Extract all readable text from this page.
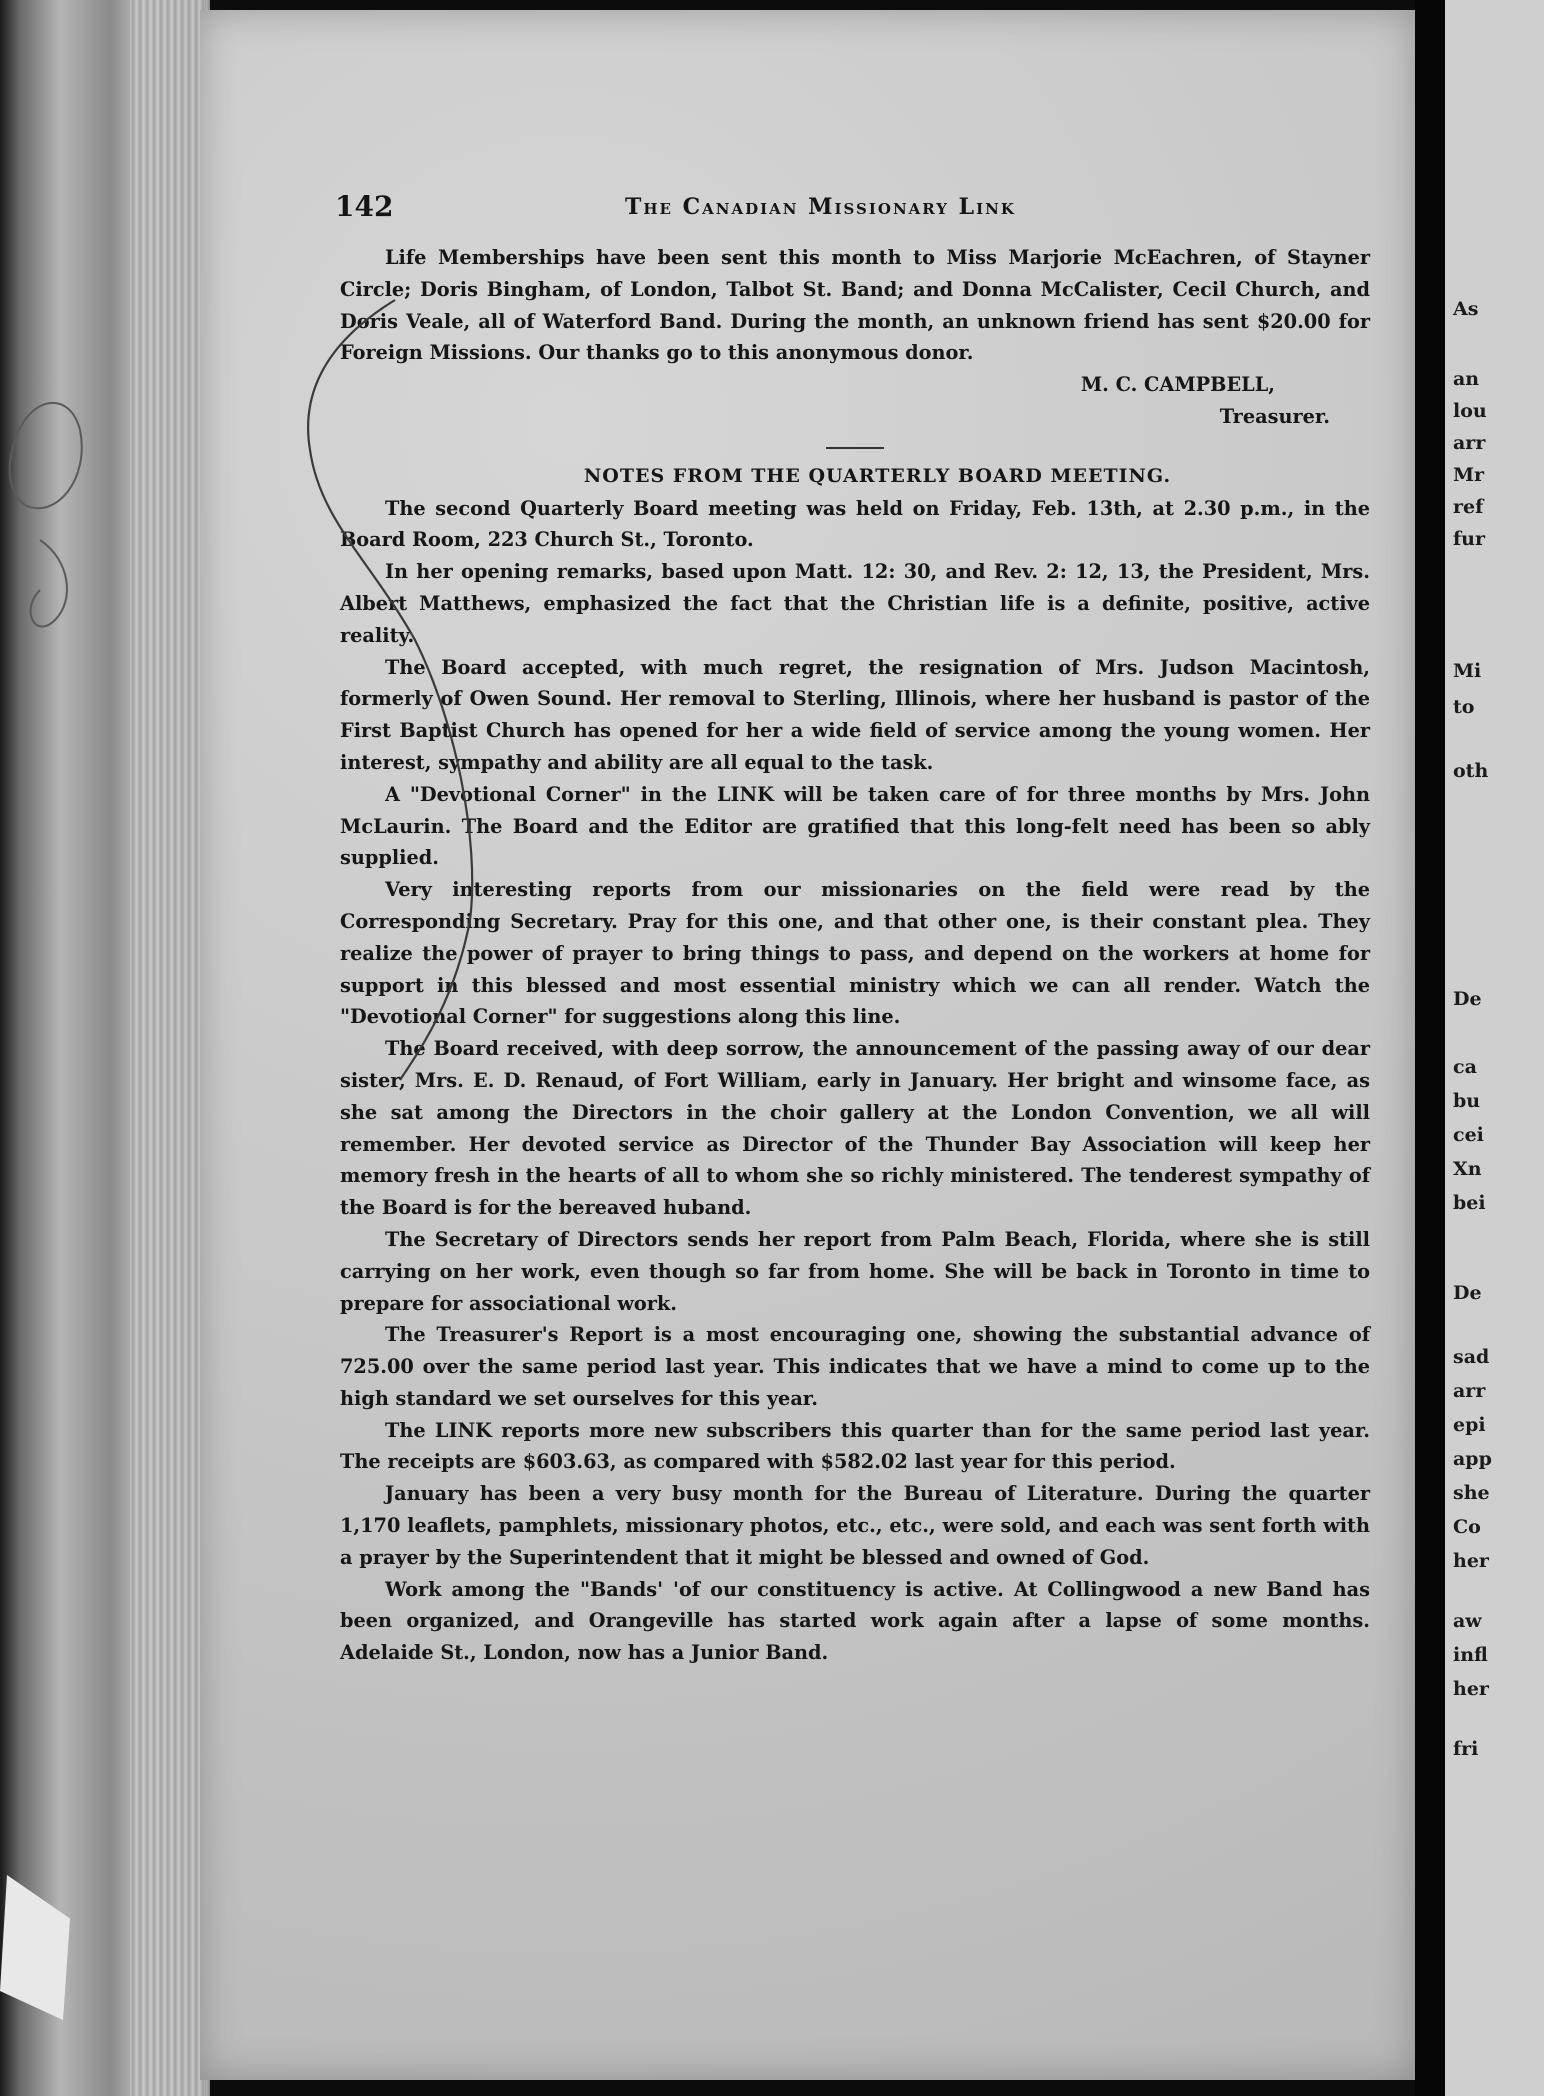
142	The Canadian Missionary Link

Life Memberships have been sent this month to Miss Marjorie McEachren, of Stayner Circle; Doris Bingham, of London, Talbot St. Band; and Donna McCalister, Cecil Church, and Doris Veale, all of Waterford Band. During the month, an unknown friend has sent $20.00 for Foreign Missions. Our thanks go to this anonymous donor.

M. C. CAMPBELL,

Treasurer.

NOTES FROM THE QUARTERLY BOARD MEETING.

The second Quarterly Board meeting was held on Friday, Feb. 13th, at 2.30 p.m., in the Board Room, 223 Church St., Toronto.

In her opening remarks, based upon Matt. 12: 30, and Rev. 2: 12, 13, the President, Mrs. Albert Matthews, emphasized the fact that the Christian life is a definite, positive, active reality.

The Board accepted, with much regret, the resignation of Mrs. Judson Macintosh, formerly of Owen Sound. Her removal to Sterling, Illinois, where her husband is pastor of the First Baptist Church has opened for her a wide field of service among the young women. Her interest, sympathy and ability are all equal to the task.

A "Devotional Corner" in the LINK will be taken care of for three months by Mrs. John McLaurin. The Board and the Editor are gratified that this long-felt need has been so ably supplied.

Very interesting reports from our missionaries on the field were read by the Corresponding Secretary. Pray for this one, and that other one, is their constant plea. They realize the power of prayer to bring things to pass, and depend on the workers at home for support in this blessed and most essential ministry which we can all render. Watch the "Devotional Corner" for suggestions along this line.

The Board received, with deep sorrow, the announcement of the passing away of our dear sister, Mrs. E. D. Renaud, of Fort William, early in January. Her bright and winsome face, as she sat among the Directors in the choir gallery at the London Convention, we all will remember. Her devoted service as Director of the Thunder Bay Association will keep her memory fresh in the hearts of all to whom she so richly ministered. The tenderest sympathy of the Board is for the bereaved huband.

The Secretary of Directors sends her report from Palm Beach, Florida, where she is still carrying on her work, even though so far from home. She will be back in Toronto in time to prepare for associational work.

The Treasurer's Report is a most encouraging one, showing the substantial advance of 725.00 over the same period last year. This indicates that we have a mind to come up to the high standard we set ourselves for this year.

The LINK reports more new subscribers this quarter than for the same period last year. The receipts are $603.63, as compared with $582.02 last year for this period.

January has been a very busy month for the Bureau of Literature. During the quarter 1,170 leaflets, pamphlets, missionary photos, etc., etc., were sold, and each was sent forth with a prayer by the Superintendent that it might be blessed and owned of God.

Work among the "Bands' 'of our constituency is active. At Collingwood a new Band has been organized, and Orangeville has started work again after a lapse of some months. Adelaide St., London, now has a Junior Band.

As
an
lou
arr
Mr
ref
fur
Mi
to
oth
De
ca
bu
cei
Xn
bei
De
sad
arr
epi
app
she
Co
her
aw
infl
her
fri
